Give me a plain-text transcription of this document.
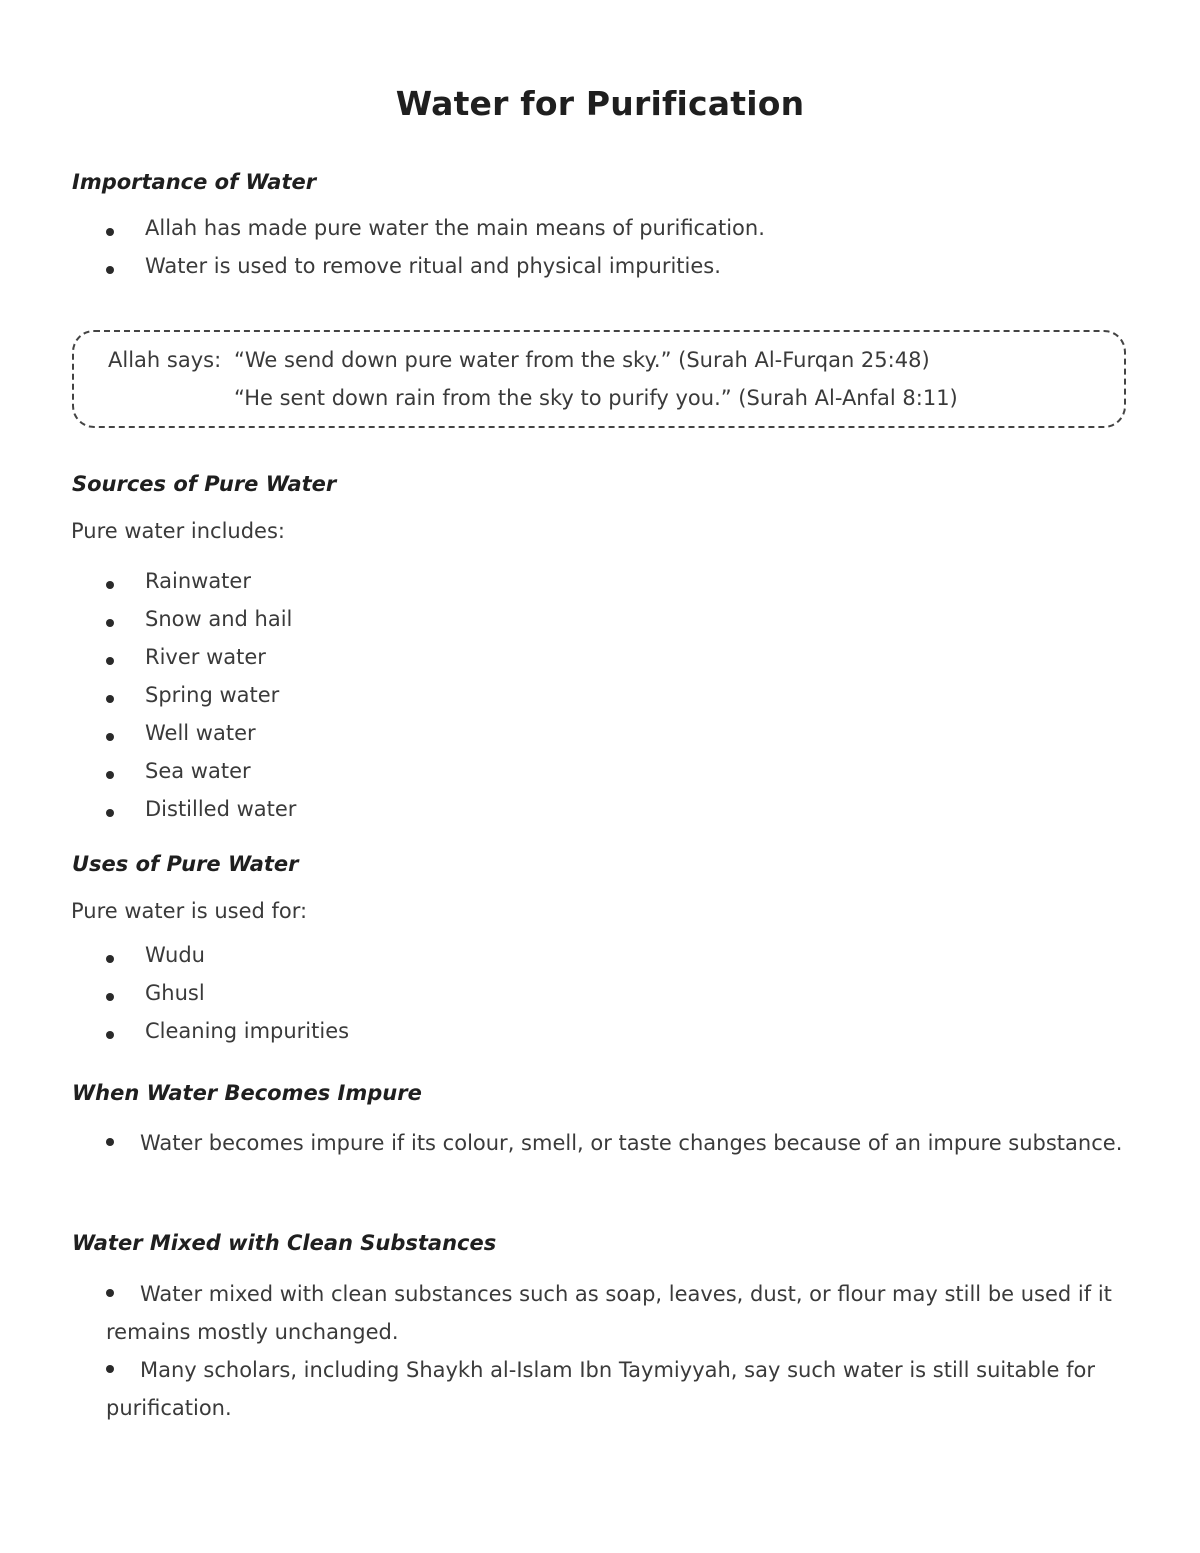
Water for Purification
Importance of Water
Allah has made pure water the main means of purification.
Water is used to remove ritual and physical impurities.
Allah says: “We send down pure water from the sky.” (Surah Al-Furqan 25:48)
“He sent down rain from the sky to purify you.” (Surah Al-Anfal 8:11)
Sources of Pure Water
Pure water includes:
Rainwater
Snow and hail
River water
Spring water
Well water
Sea water
Distilled water
Uses of Pure Water
Pure water is used for:
Wudu
Ghusl
Cleaning impurities
When Water Becomes Impure
Water becomes impure if its colour, smell, or taste changes because of an impure substance.
Water Mixed with Clean Substances
Water mixed with clean substances such as soap, leaves, dust, or flour may still be used if it remains mostly unchanged.
Many scholars, including Shaykh al-Islam Ibn Taymiyyah, say such water is still suitable for purification.
